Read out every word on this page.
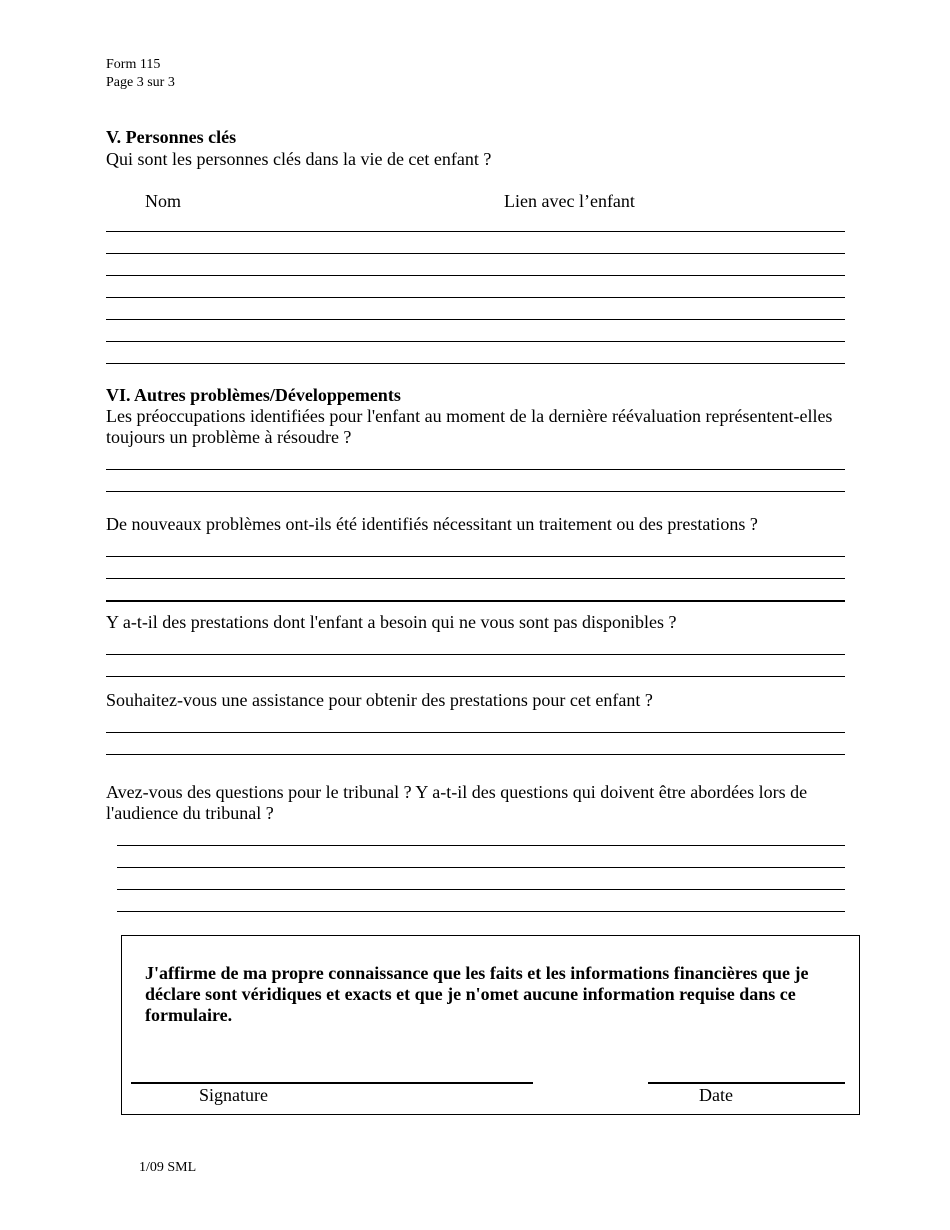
Form 115
Page 3 sur 3
V. Personnes clés
Qui sont les personnes clés dans la vie de cet enfant ?
Nom	Lien avec l’enfant
VI. Autres problèmes/Développements
Les préoccupations identifiées pour l'enfant au moment de la dernière réévaluation représentent-elles toujours un problème à résoudre ?
De nouveaux problèmes ont-ils été identifiés nécessitant un traitement ou des prestations ?
Y a-t-il des prestations dont l'enfant a besoin qui ne vous sont pas disponibles ?
Souhaitez-vous une assistance pour obtenir des prestations pour cet enfant ?
Avez-vous des questions pour le tribunal ? Y a-t-il des questions qui doivent être abordées lors de l'audience du tribunal ?
J'affirme de ma propre connaissance que les faits et les informations financières que je déclare sont véridiques et exacts et que je n'omet aucune information requise dans ce formulaire.
Signature	Date
1/09 SML
